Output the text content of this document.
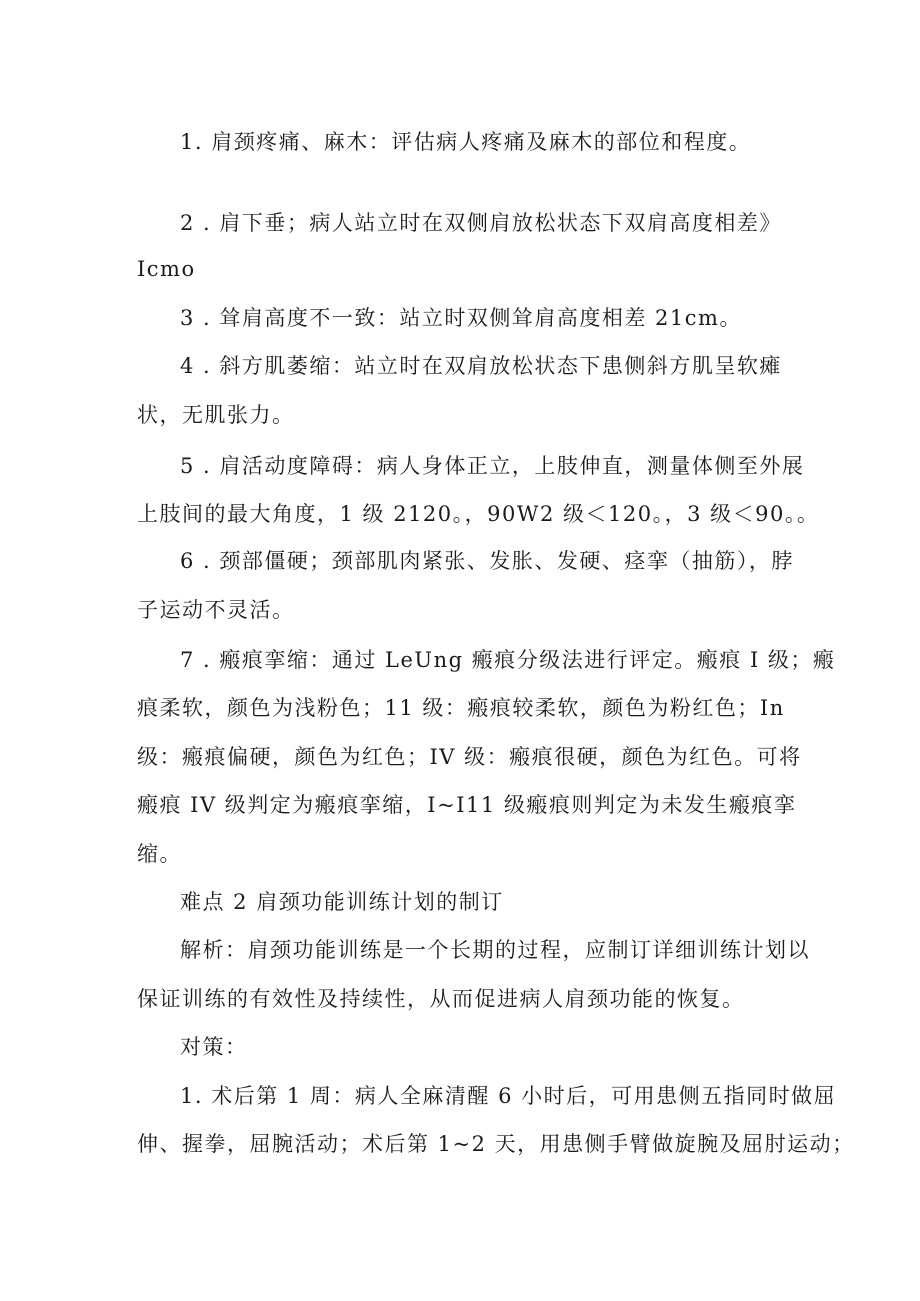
1. 肩颈疼痛、麻木：评估病人疼痛及麻木的部位和程度。
2 . 肩下垂；病人站立时在双侧肩放松状态下双肩高度相差》
Icmo
3 . 耸肩高度不一致：站立时双侧耸肩高度相差 21cm。
4 . 斜方肌萎缩：站立时在双肩放松状态下患侧斜方肌呈软瘫
状，无肌张力。
5 . 肩活动度障碍：病人身体正立，上肢伸直，测量体侧至外展
上肢间的最大角度，1 级 2120。，90W2 级＜120。，3 级＜90。。
6 . 颈部僵硬；颈部肌肉紧张、发胀、发硬、痉挛（抽筋），脖
子运动不灵活。
7 . 瘢痕挛缩：通过 LeUng 瘢痕分级法进行评定。瘢痕 I 级；瘢
痕柔软，颜色为浅粉色；11 级：瘢痕较柔软，颜色为粉红色；In
级：瘢痕偏硬，颜色为红色；IV 级：瘢痕很硬，颜色为红色。可将
瘢痕 IV 级判定为瘢痕挛缩，I~I11 级瘢痕则判定为未发生瘢痕挛
缩。
难点 2 肩颈功能训练计划的制订
解析：肩颈功能训练是一个长期的过程，应制订详细训练计划以
保证训练的有效性及持续性，从而促进病人肩颈功能的恢复。
对策：
1. 术后第 1 周：病人全麻清醒 6 小时后，可用患侧五指同时做屈
伸、握拳，屈腕活动；术后第 1~2 天，用患侧手臂做旋腕及屈肘运动；
